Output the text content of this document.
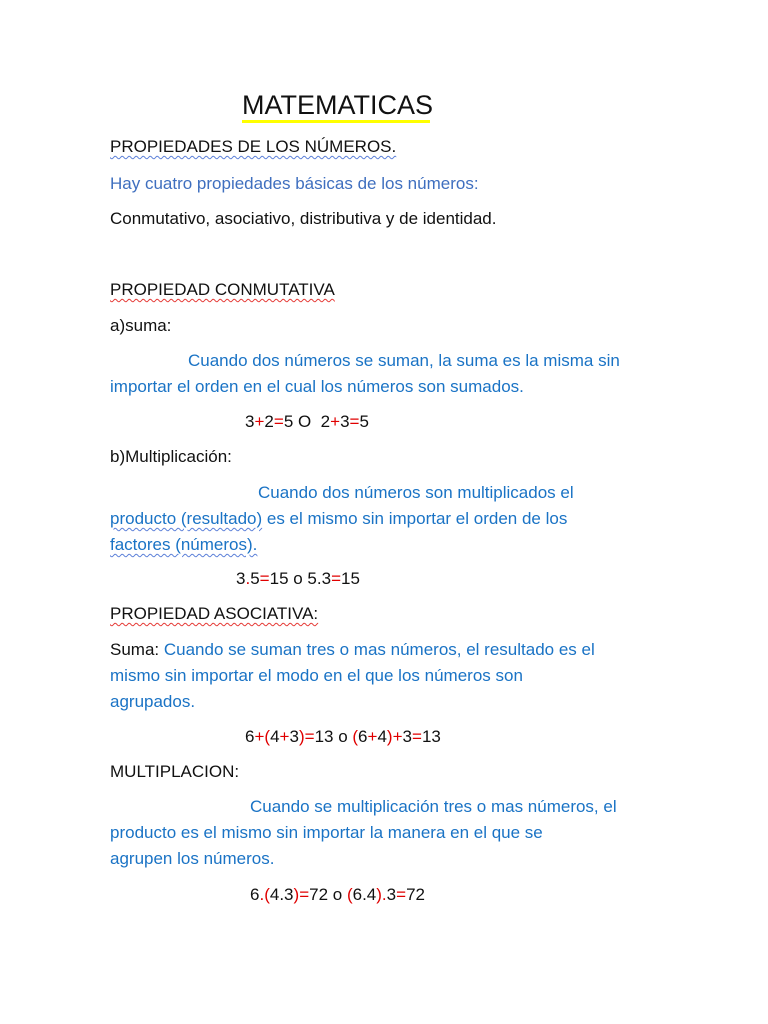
MATEMATICAS
PROPIEDADES DE LOS NÚMEROS.
Hay cuatro propiedades básicas de los números:
Conmutativo, asociativo, distributiva y de identidad.
PROPIEDAD CONMUTATIVA
a)suma:
Cuando dos números se suman, la suma es la misma sin
importar el orden en el cual los números son sumados.
3+2=5 O  2+3=5
b)Multiplicación:
Cuando dos números son multiplicados el
producto (resultado) es el mismo sin importar el orden de los
factores (números).
3.5=15 o 5.3=15
PROPIEDAD ASOCIATIVA:
Suma: Cuando se suman tres o mas números, el resultado es el
mismo sin importar el modo en el que los números son
agrupados.
6+(4+3)=13 o (6+4)+3=13
MULTIPLACION:
Cuando se multiplicación tres o mas números, el
producto es el mismo sin importar la manera en el que se
agrupen los números.
6.(4.3)=72 o (6.4).3=72
